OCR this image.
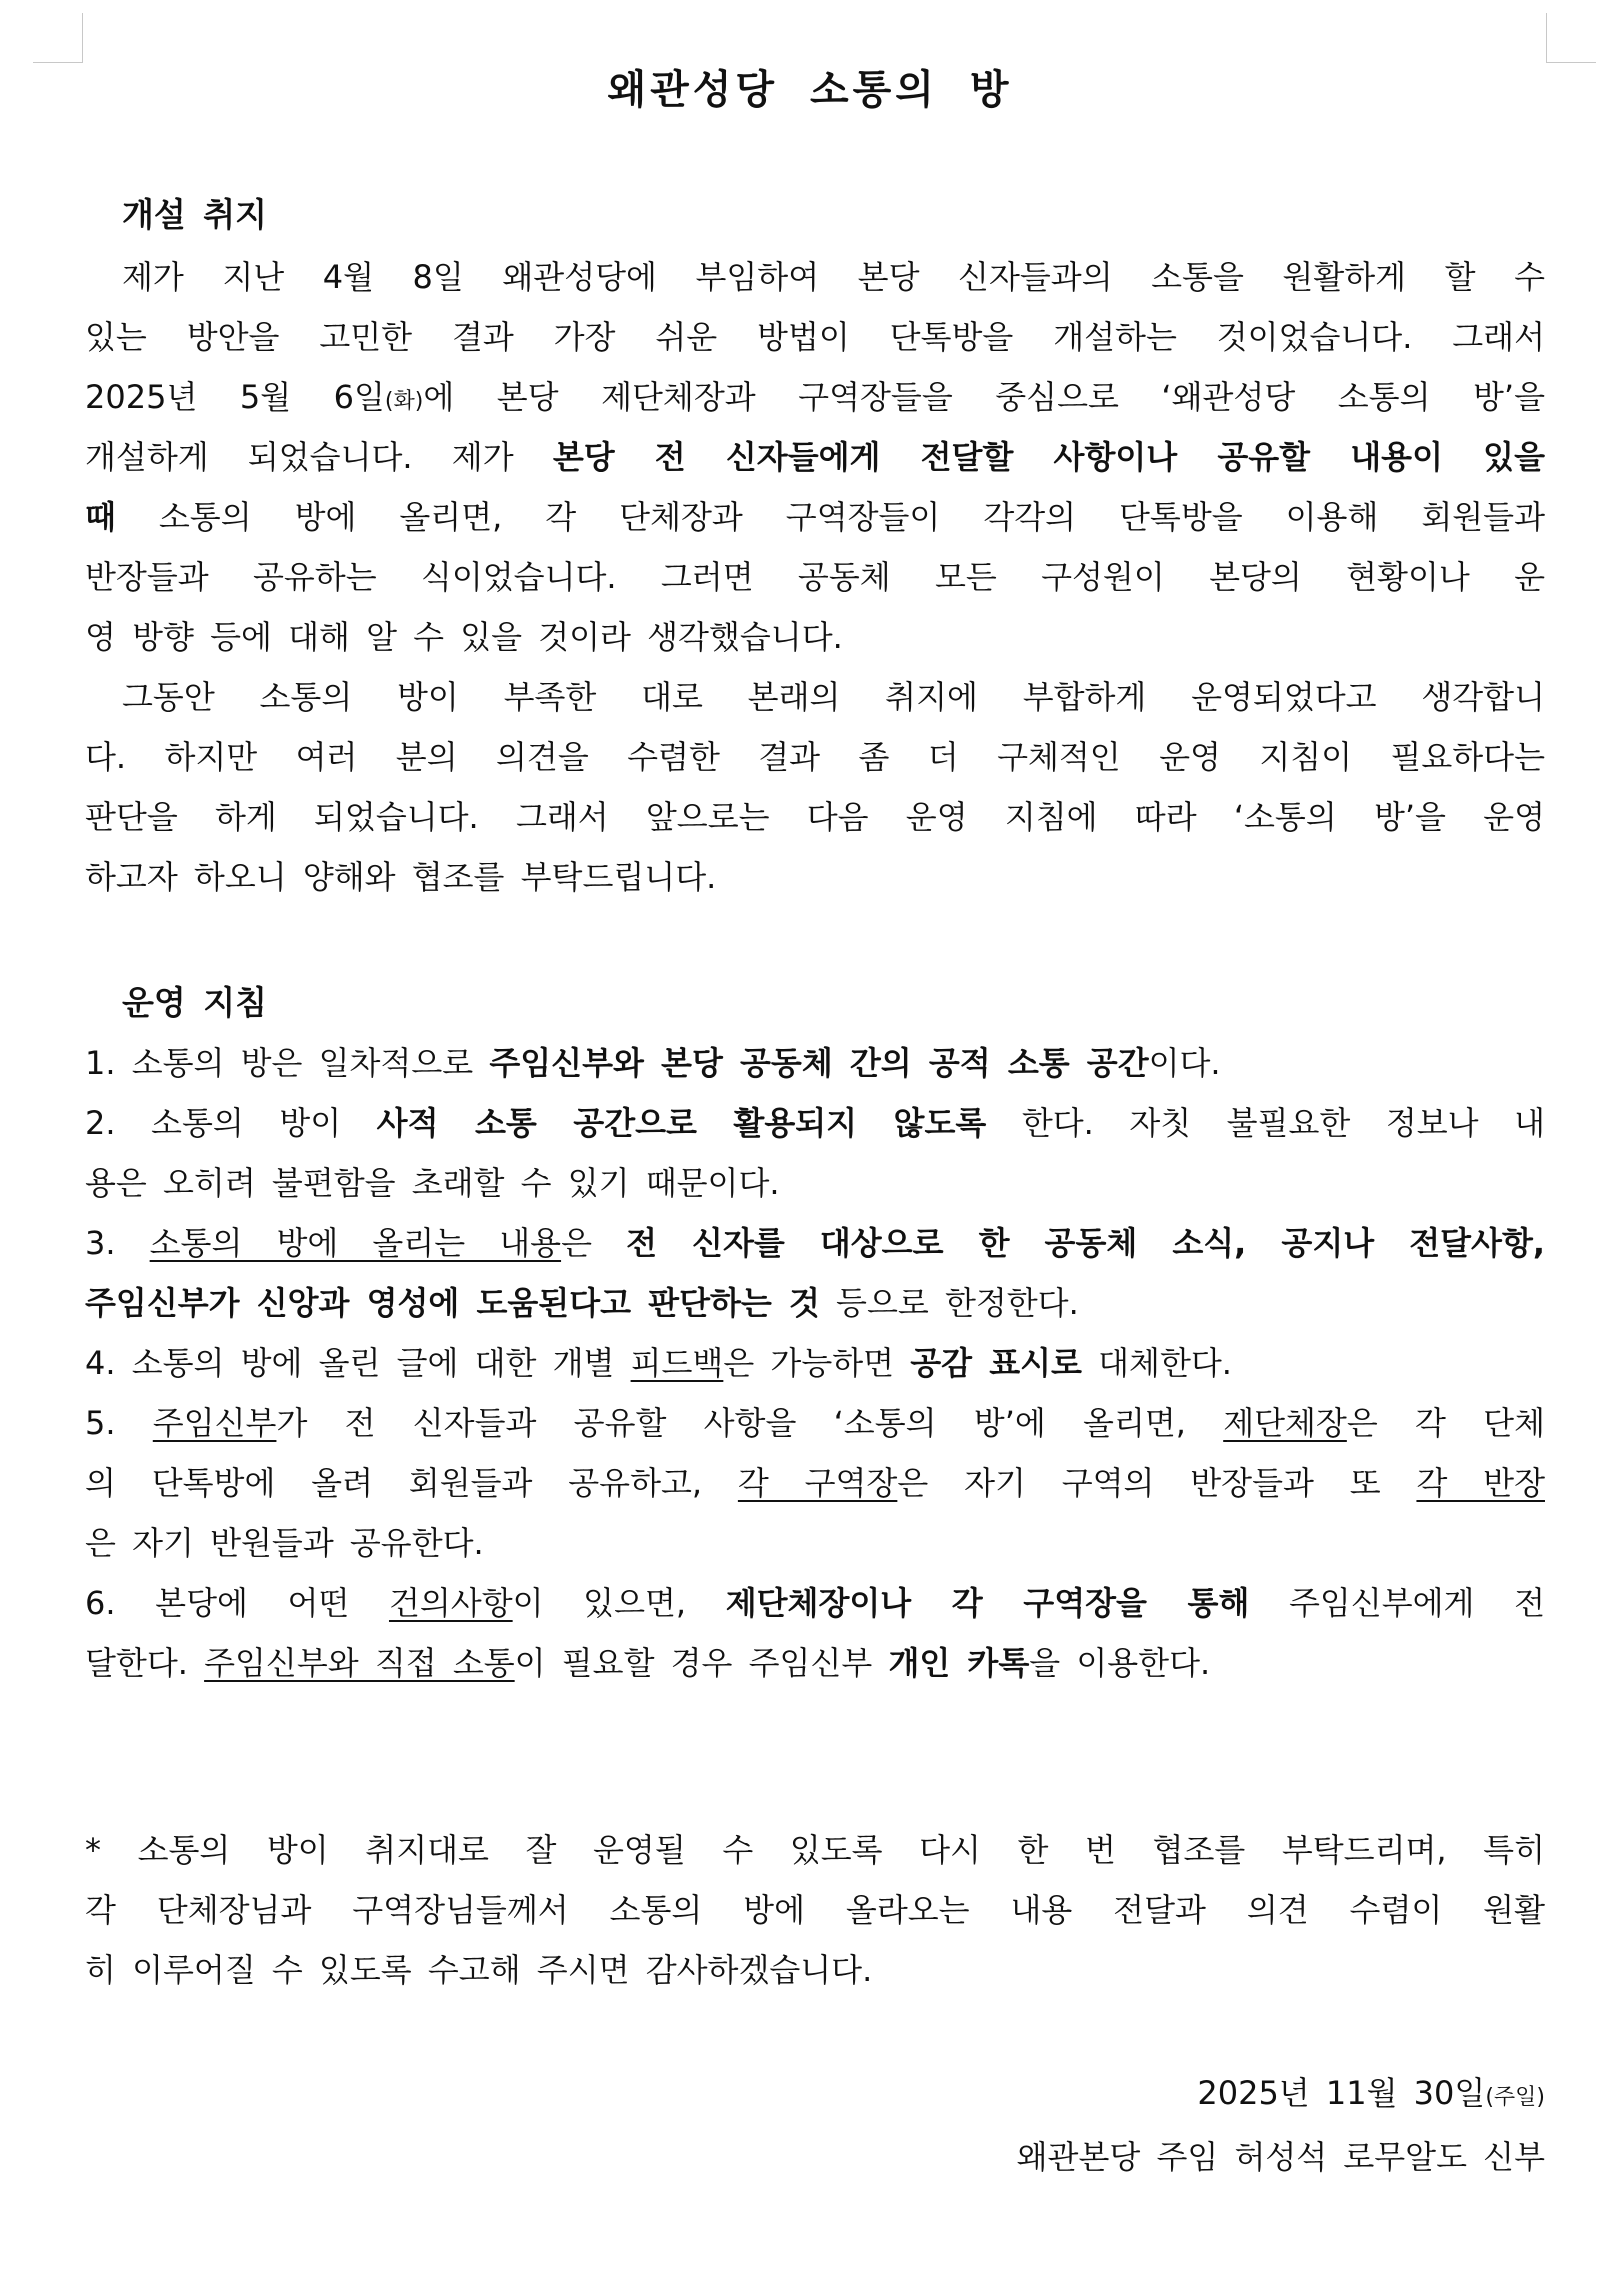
왜관성당 소통의 방
개설 취지
제가 지난 4월 8일 왜관성당에 부임하여 본당 신자들과의 소통을 원활하게 할 수
있는 방안을 고민한 결과 가장 쉬운 방법이 단톡방을 개설하는 것이었습니다. 그래서
2025년 5월 6일(화)에 본당 제단체장과 구역장들을 중심으로 ‘왜관성당 소통의 방’을
개설하게 되었습니다. 제가 본당 전 신자들에게 전달할 사항이나 공유할 내용이 있을
때 소통의 방에 올리면, 각 단체장과 구역장들이 각각의 단톡방을 이용해 회원들과
반장들과 공유하는 식이었습니다. 그러면 공동체 모든 구성원이 본당의 현황이나 운
영 방향 등에 대해 알 수 있을 것이라 생각했습니다.
그동안 소통의 방이 부족한 대로 본래의 취지에 부합하게 운영되었다고 생각합니
다. 하지만 여러 분의 의견을 수렴한 결과 좀 더 구체적인 운영 지침이 필요하다는
판단을 하게 되었습니다. 그래서 앞으로는 다음 운영 지침에 따라 ‘소통의 방’을 운영
하고자 하오니 양해와 협조를 부탁드립니다.
운영 지침
1. 소통의 방은 일차적으로 주임신부와 본당 공동체 간의 공적 소통 공간이다.
2. 소통의 방이 사적 소통 공간으로 활용되지 않도록 한다. 자칫 불필요한 정보나 내
용은 오히려 불편함을 초래할 수 있기 때문이다.
3. 소통의 방에 올리는 내용은 전 신자를 대상으로 한 공동체 소식, 공지나 전달사항,
주임신부가 신앙과 영성에 도움된다고 판단하는 것 등으로 한정한다.
4. 소통의 방에 올린 글에 대한 개별 피드백은 가능하면 공감 표시로 대체한다.
5. 주임신부가 전 신자들과 공유할 사항을 ‘소통의 방’에 올리면, 제단체장은 각 단체
의 단톡방에 올려 회원들과 공유하고, 각 구역장은 자기 구역의 반장들과 또 각 반장
은 자기 반원들과 공유한다.
6. 본당에 어떤 건의사항이 있으면, 제단체장이나 각 구역장을 통해 주임신부에게 전
달한다. 주임신부와 직접 소통이 필요할 경우 주임신부 개인 카톡을 이용한다.
* 소통의 방이 취지대로 잘 운영될 수 있도록 다시 한 번 협조를 부탁드리며, 특히
각 단체장님과 구역장님들께서 소통의 방에 올라오는 내용 전달과 의견 수렴이 원활
히 이루어질 수 있도록 수고해 주시면 감사하겠습니다.
2025년 11월 30일(주일)
왜관본당 주임 허성석 로무알도 신부
